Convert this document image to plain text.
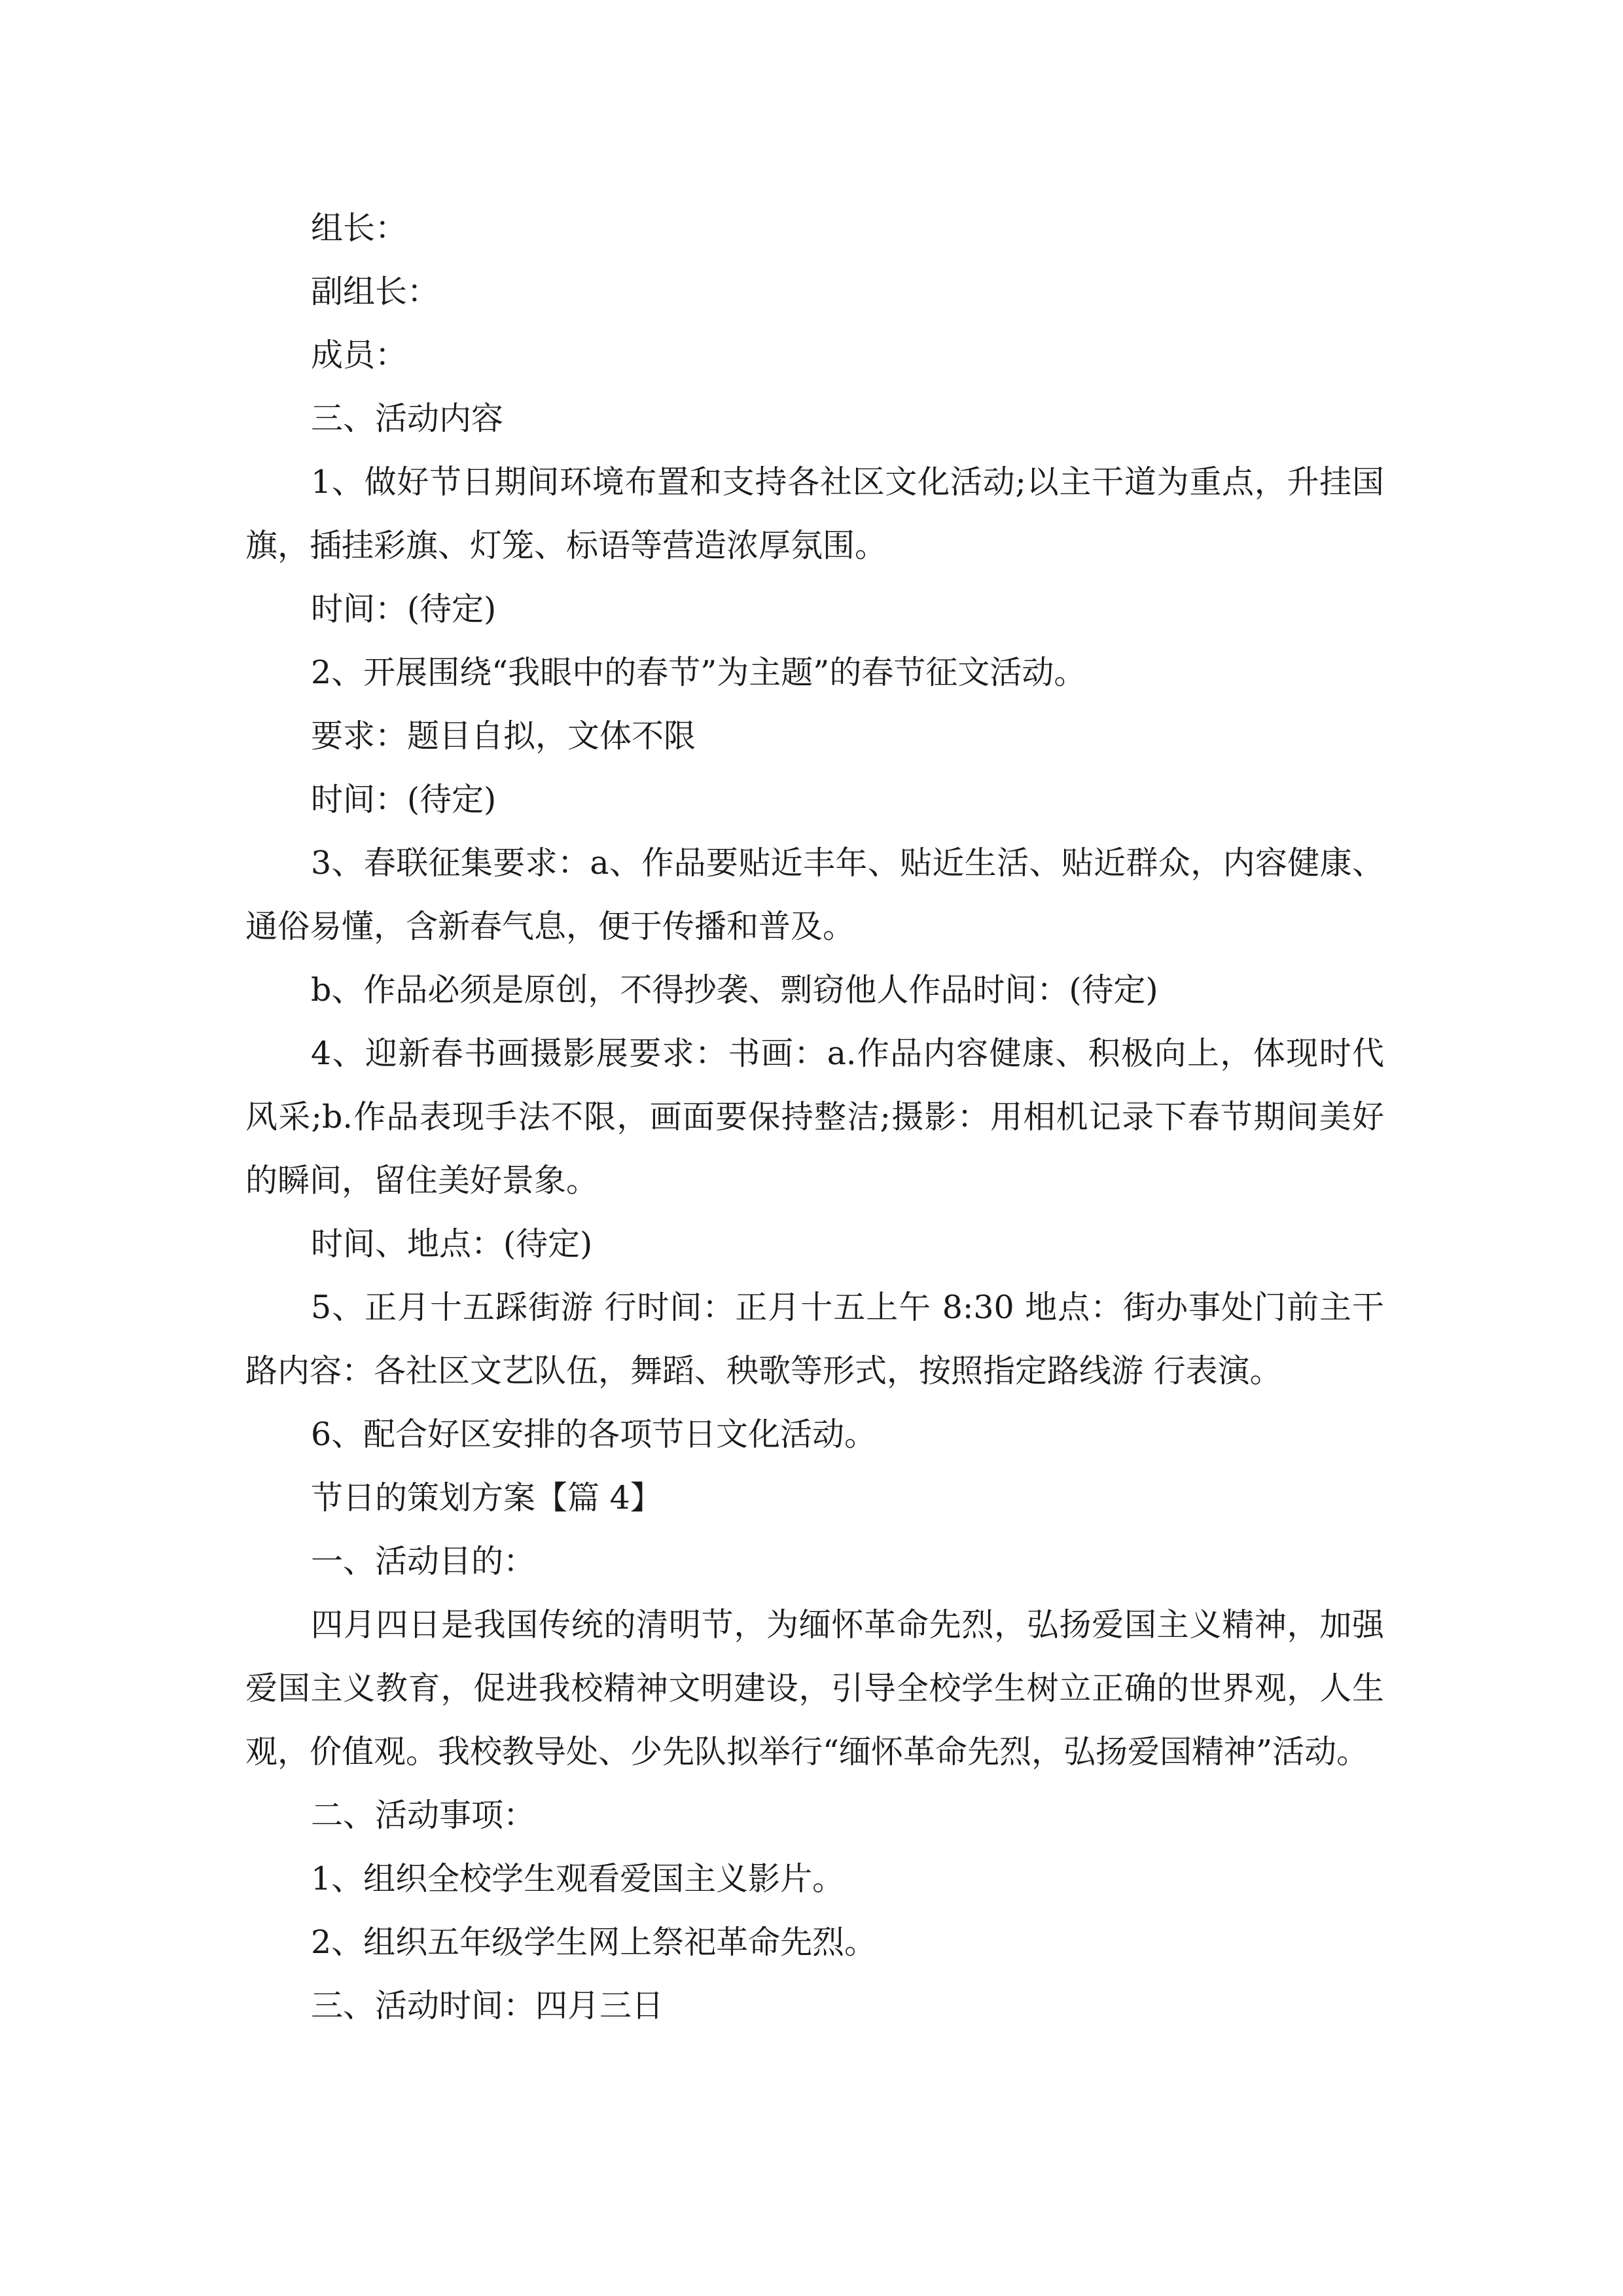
组长：

副组长：

成员：

三、活动内容

1、做好节日期间环境布置和支持各社区文化活动;以主干道为重点，升挂国旗，插挂彩旗、灯笼、标语等营造浓厚氛围。

时间：(待定)

2、开展围绕“我眼中的春节”为主题”的春节征文活动。

要求：题目自拟，文体不限

时间：(待定)

3、春联征集要求：a、作品要贴近丰年、贴近生活、贴近群众，内容健康、通俗易懂，含新春气息，便于传播和普及。

b、作品必须是原创，不得抄袭、剽窃他人作品时间：(待定)

4、迎新春书画摄影展要求：书画：a.作品内容健康、积极向上，体现时代风采;b.作品表现手法不限，画面要保持整洁;摄影：用相机记录下春节期间美好的瞬间，留住美好景象。

时间、地点：(待定)

5、正月十五踩街游 行时间：正月十五上午 8:30 地点：街办事处门前主干路内容：各社区文艺队伍，舞蹈、秧歌等形式，按照指定路线游 行表演。

6、配合好区安排的各项节日文化活动。

节日的策划方案【篇 4】

一、活动目的：

四月四日是我国传统的清明节，为缅怀革命先烈，弘扬爱国主义精神，加强爱国主义教育，促进我校精神文明建设，引导全校学生树立正确的世界观，人生观，价值观。我校教导处、少先队拟举行“缅怀革命先烈，弘扬爱国精神”活动。

二、活动事项：

1、组织全校学生观看爱国主义影片。

2、组织五年级学生网上祭祀革命先烈。

三、活动时间：四月三日
